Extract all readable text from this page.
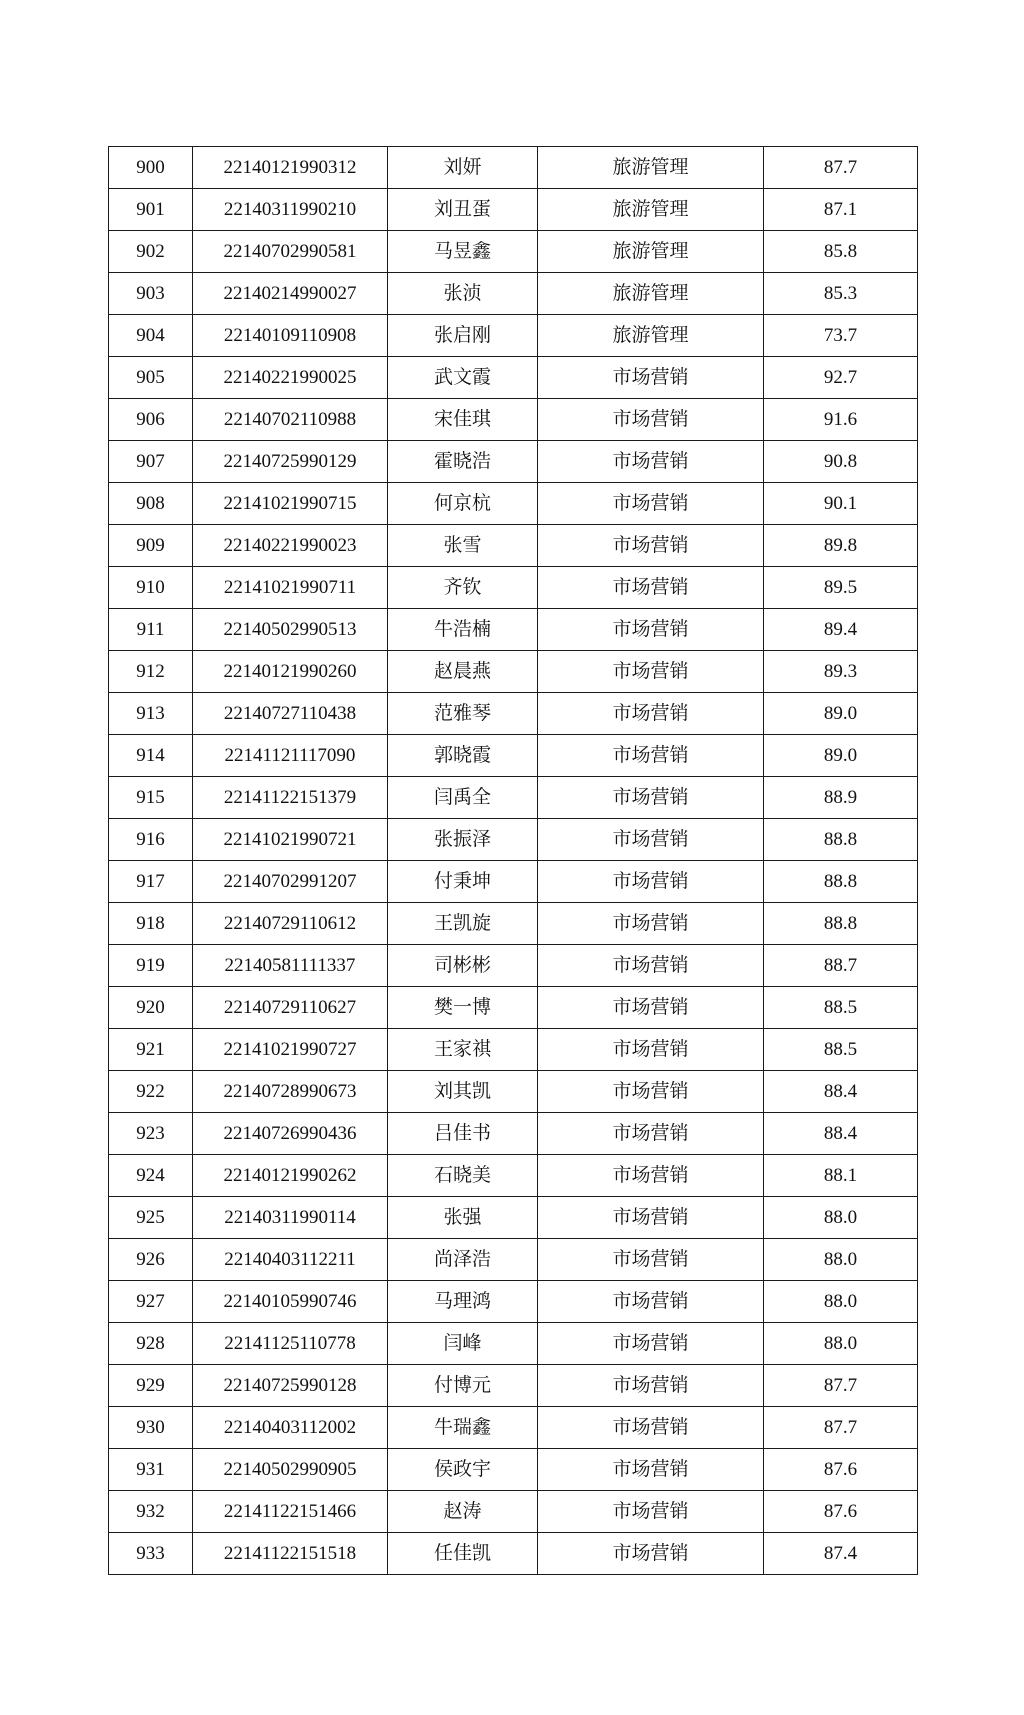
900	22140121990312	刘妍	旅游管理	87.7
901	22140311990210	刘丑蛋	旅游管理	87.1
902	22140702990581	马昱鑫	旅游管理	85.8
903	22140214990027	张浈	旅游管理	85.3
904	22140109110908	张启刚	旅游管理	73.7
905	22140221990025	武文霞	市场营销	92.7
906	22140702110988	宋佳琪	市场营销	91.6
907	22140725990129	霍晓浩	市场营销	90.8
908	22141021990715	何京杭	市场营销	90.1
909	22140221990023	张雪	市场营销	89.8
910	22141021990711	齐钦	市场营销	89.5
911	22140502990513	牛浩楠	市场营销	89.4
912	22140121990260	赵晨燕	市场营销	89.3
913	22140727110438	范雅琴	市场营销	89.0
914	22141121117090	郭晓霞	市场营销	89.0
915	22141122151379	闫禹全	市场营销	88.9
916	22141021990721	张振泽	市场营销	88.8
917	22140702991207	付秉坤	市场营销	88.8
918	22140729110612	王凯旋	市场营销	88.8
919	22140581111337	司彬彬	市场营销	88.7
920	22140729110627	樊一博	市场营销	88.5
921	22141021990727	王家祺	市场营销	88.5
922	22140728990673	刘其凯	市场营销	88.4
923	22140726990436	吕佳书	市场营销	88.4
924	22140121990262	石晓美	市场营销	88.1
925	22140311990114	张强	市场营销	88.0
926	22140403112211	尚泽浩	市场营销	88.0
927	22140105990746	马理鸿	市场营销	88.0
928	22141125110778	闫峰	市场营销	88.0
929	22140725990128	付博元	市场营销	87.7
930	22140403112002	牛瑞鑫	市场营销	87.7
931	22140502990905	侯政宇	市场营销	87.6
932	22141122151466	赵涛	市场营销	87.6
933	22141122151518	任佳凯	市场营销	87.4
